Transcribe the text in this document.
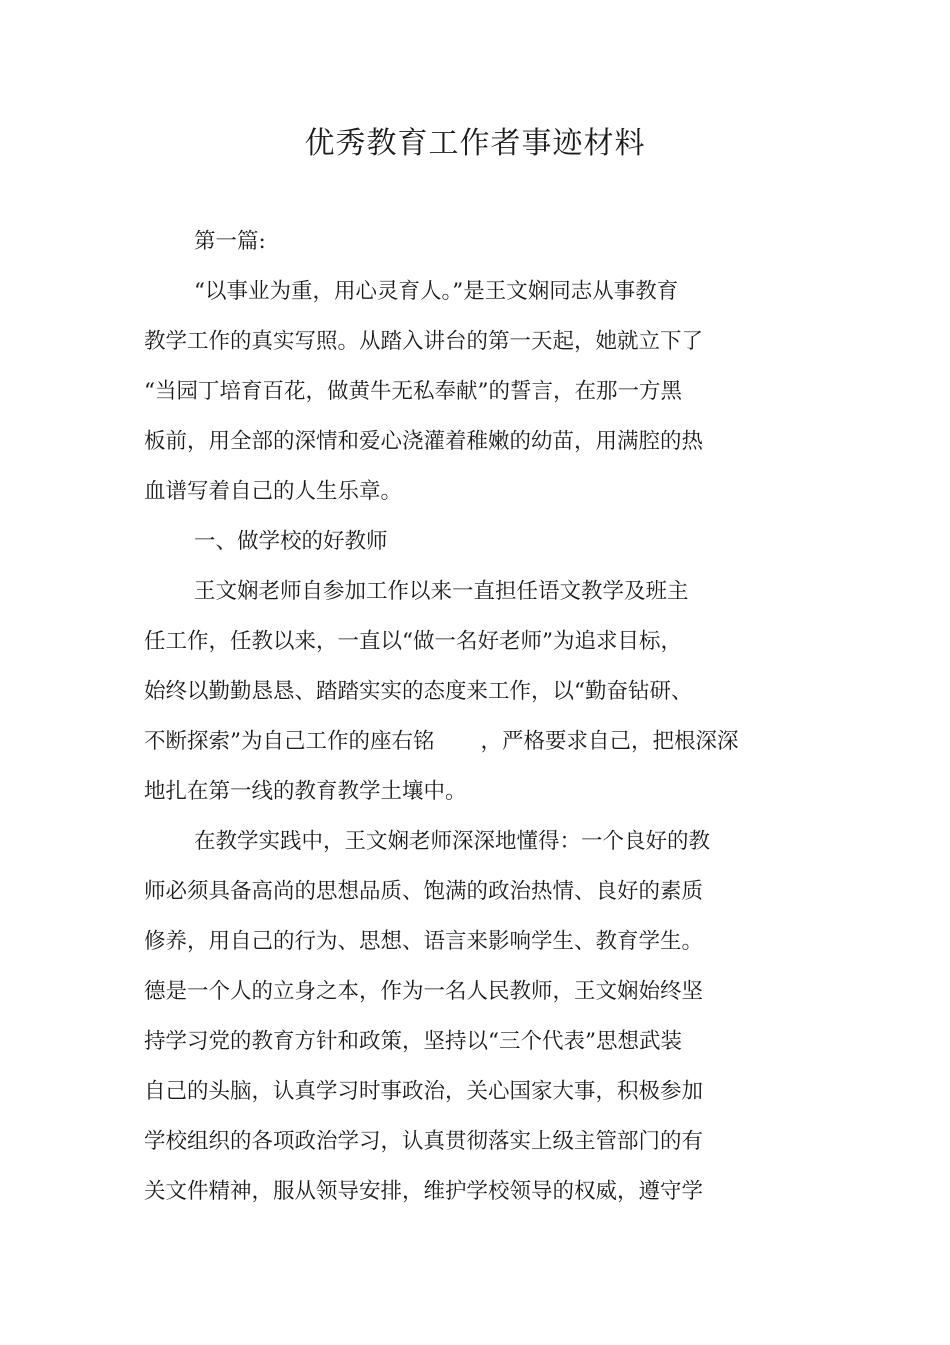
优秀教育工作者事迹材料
第一篇:
“以事业为重，用心灵育人。”是王文娴同志从事教育
教学工作的真实写照。从踏入讲台的第一天起，她就立下了
“当园丁培育百花，做黄牛无私奉献”的誓言，在那一方黑
板前，用全部的深情和爱心浇灌着稚嫩的幼苗，用满腔的热
血谱写着自己的人生乐章。
一、做学校的好教师
王文娴老师自参加工作以来一直担任语文教学及班主
任工作，任教以来，一直以“做一名好老师”为追求目标，
始终以勤勤恳恳、踏踏实实的态度来工作，以“勤奋钻研、
不断探索”为自己工作的座右铭 ，严格要求自己，把根深深
地扎在第一线的教育教学土壤中。
在教学实践中，王文娴老师深深地懂得：一个良好的教
师必须具备高尚的思想品质、饱满的政治热情、良好的素质
修养，用自己的行为、思想、语言来影响学生、教育学生。
德是一个人的立身之本，作为一名人民教师，王文娴始终坚
持学习党的教育方针和政策，坚持以“三个代表”思想武装
自己的头脑，认真学习时事政治，关心国家大事，积极参加
学校组织的各项政治学习，认真贯彻落实上级主管部门的有
关文件精神，服从领导安排，维护学校领导的权威，遵守学
